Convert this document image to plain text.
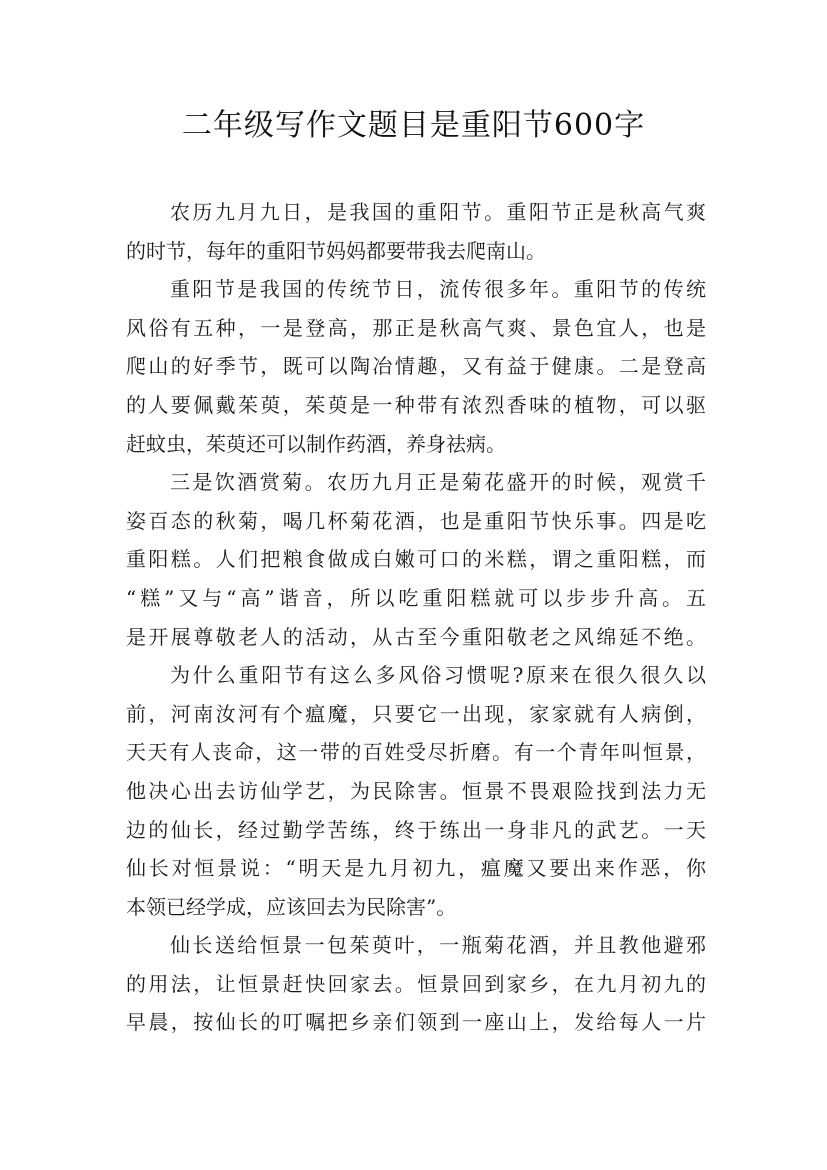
二年级写作文题目是重阳节600字
农历九月九日，是我国的重阳节。重阳节正是秋高气爽
的时节，每年的重阳节妈妈都要带我去爬南山。
重阳节是我国的传统节日，流传很多年。重阳节的传统
风俗有五种，一是登高，那正是秋高气爽、景色宜人，也是
爬山的好季节，既可以陶冶情趣，又有益于健康。二是登高
的人要佩戴茱萸，茱萸是一种带有浓烈香味的植物，可以驱
赶蚊虫，茱萸还可以制作药酒，养身祛病。
三是饮酒赏菊。农历九月正是菊花盛开的时候，观赏千
姿百态的秋菊，喝几杯菊花酒，也是重阳节快乐事。四是吃
重阳糕。人们把粮食做成白嫩可口的米糕，谓之重阳糕，而
“糕”又与“高”谐音，所以吃重阳糕就可以步步升高。五
是开展尊敬老人的活动，从古至今重阳敬老之风绵延不绝。
为什么重阳节有这么多风俗习惯呢?原来在很久很久以
前，河南汝河有个瘟魔，只要它一出现，家家就有人病倒，
天天有人丧命，这一带的百姓受尽折磨。有一个青年叫恒景，
他决心出去访仙学艺，为民除害。恒景不畏艰险找到法力无
边的仙长，经过勤学苦练，终于练出一身非凡的武艺。一天
仙长对恒景说：“明天是九月初九，瘟魔又要出来作恶，你
本领已经学成，应该回去为民除害”。
仙长送给恒景一包茱萸叶，一瓶菊花酒，并且教他避邪
的用法，让恒景赶快回家去。恒景回到家乡，在九月初九的
早晨，按仙长的叮嘱把乡亲们领到一座山上，发给每人一片
